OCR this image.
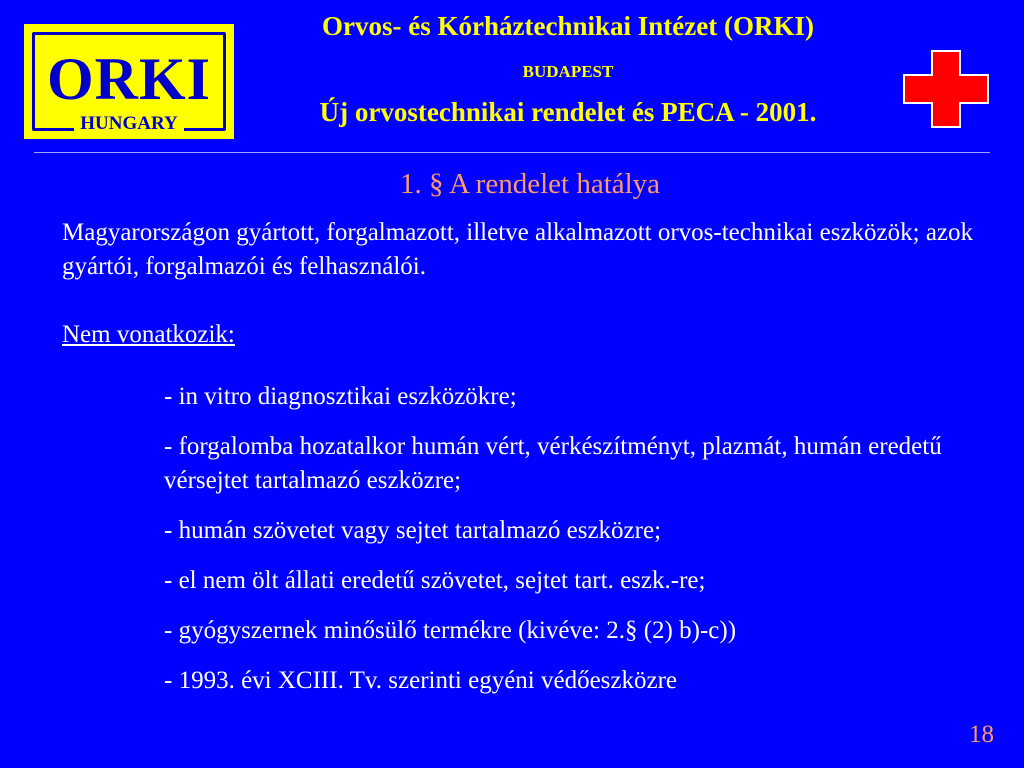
ORKI
HUNGARY
Orvos- és Kórháztechnikai Intézet (ORKI)
BUDAPEST
Új orvostechnikai rendelet és PECA - 2001.
1. § A rendelet hatálya
Magyarországon gyártott, forgalmazott, illetve alkalmazott orvos-technikai eszközök; azok gyártói, forgalmazói és felhasználói.
Nem vonatkozik:
- in vitro diagnosztikai eszközökre;
- forgalomba hozatalkor humán vért, vérkészítményt, plazmát, humán eredetű vérsejtet tartalmazó eszközre;
- humán szövetet vagy sejtet tartalmazó eszközre;
- el nem ölt állati eredetű szövetet, sejtet tart. eszk.-re;
- gyógyszernek minősülő termékre (kivéve: 2.§ (2) b)-c))
- 1993. évi XCIII. Tv. szerinti egyéni védőeszközre
18
